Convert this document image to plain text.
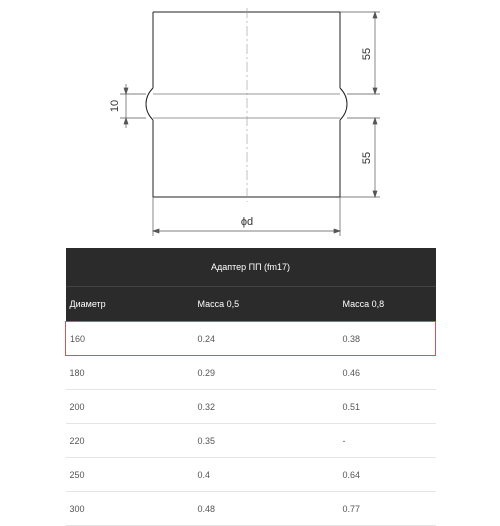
55
55
10
ϕd
Адаптер ПП (fm17)		
Диаметр	Масса 0,5	Масса 0,8
160	0.24	0.38
180	0.29	0.46
200	0.32	0.51
220	0.35	-
250	0.4	0.64
300	0.48	0.77
